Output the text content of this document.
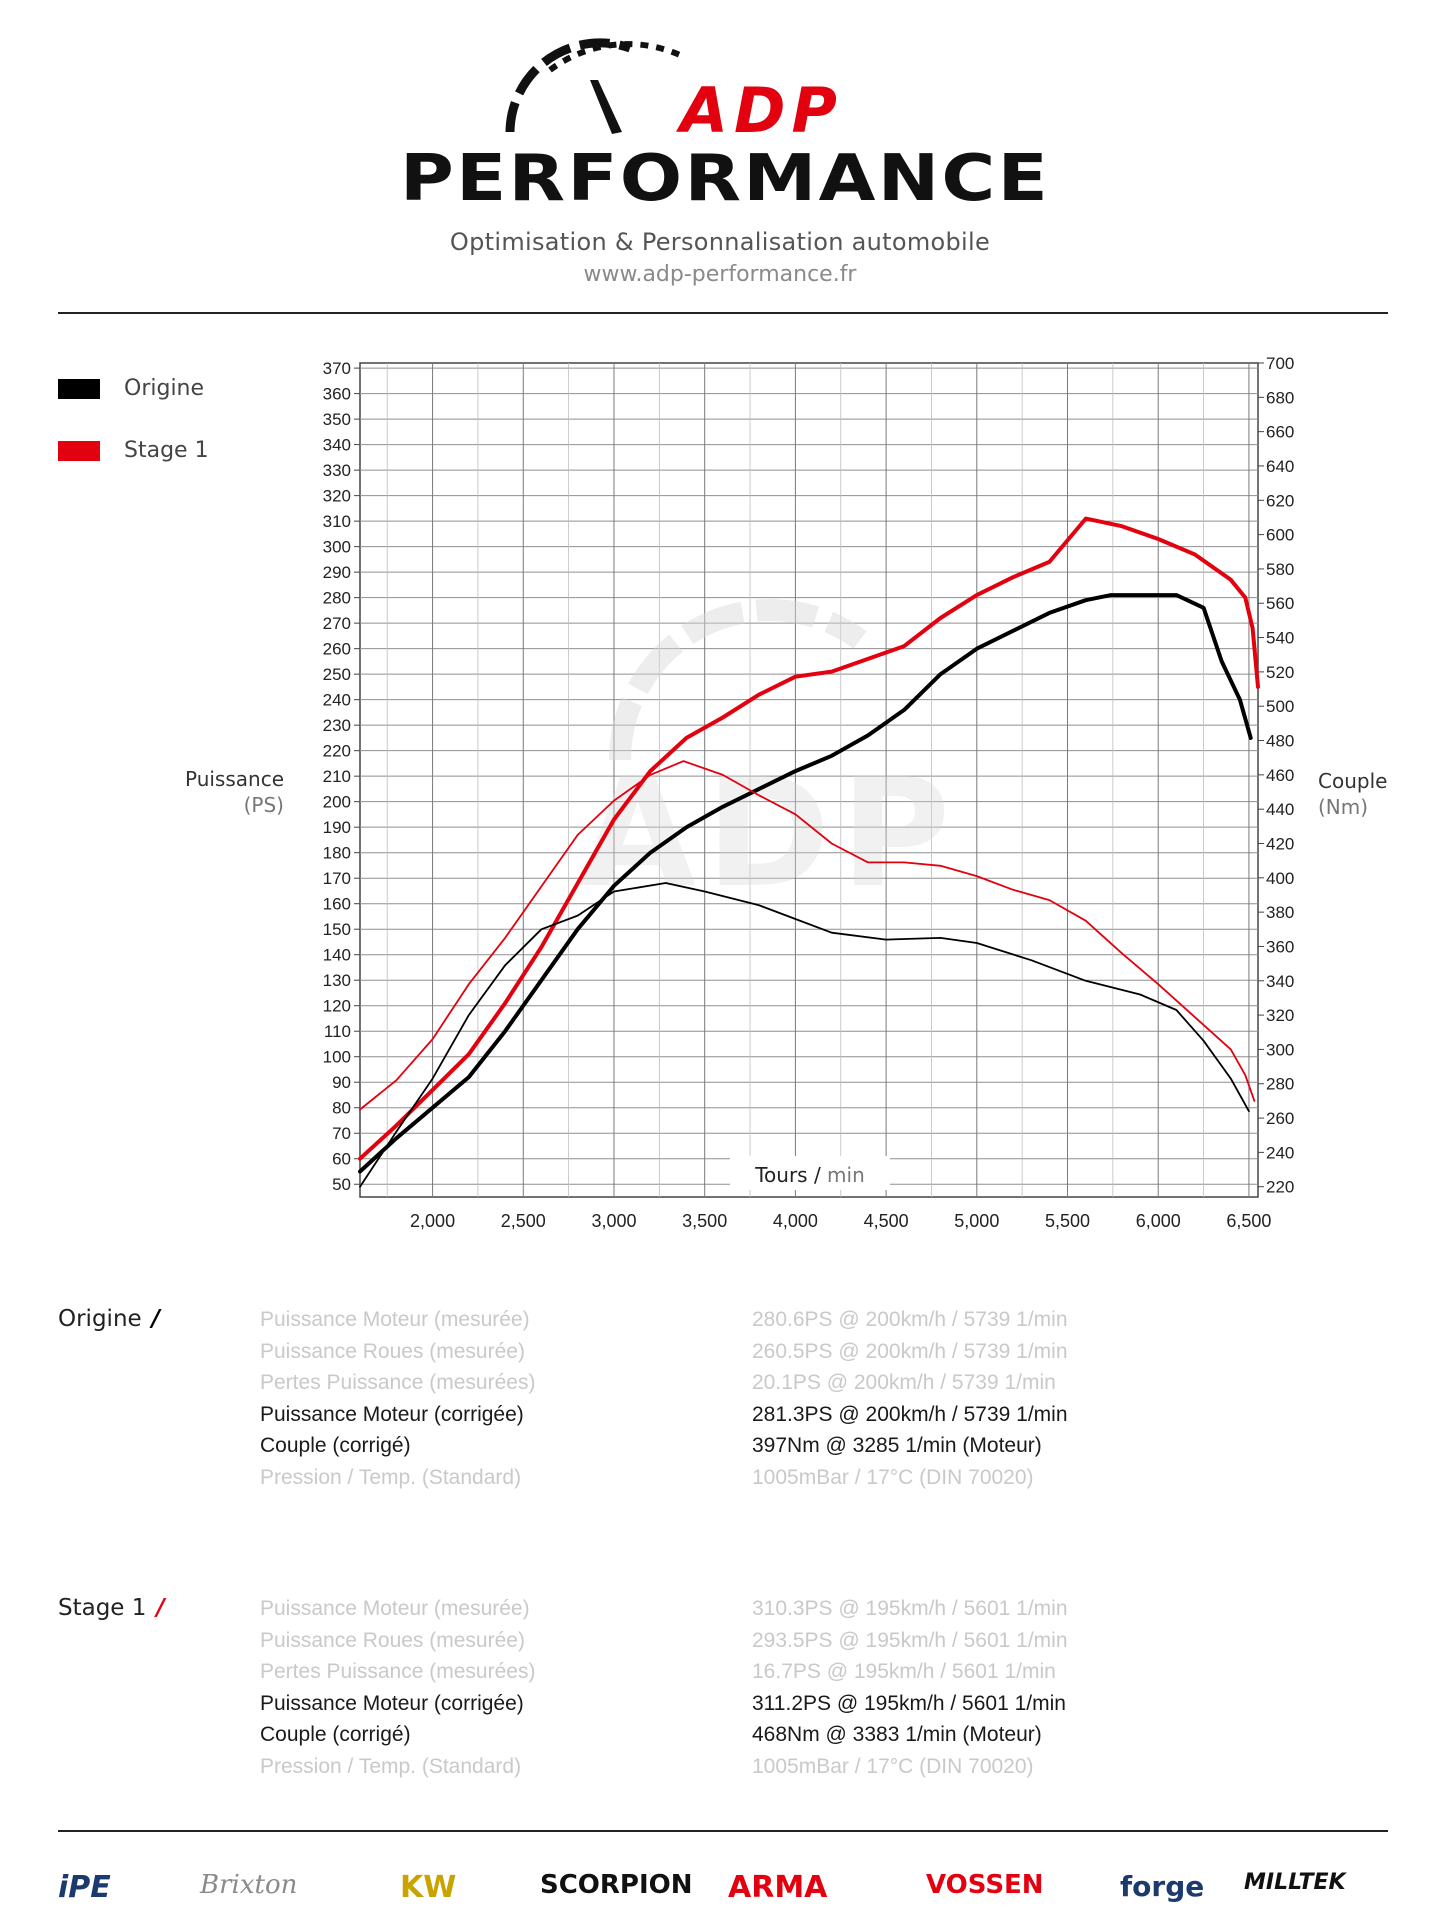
ADP
PERFORMANCE
Optimisation & Personnalisation automobile
www.adp-performance.fr
Origine
Stage 1
Puissance
(PS)
Couple
(Nm)
50
60
70
80
90
100
110
120
130
140
150
160
170
180
190
200
210
220
230
240
250
260
270
280
290
300
310
320
330
340
350
360
370
220
240
260
280
300
320
340
360
380
400
420
440
460
480
500
520
540
560
580
600
620
640
660
680
700
2,000	2,500	3,000	3,500	4,000	4,500	5,000	5,500	6,000	6,500
ADP
Tours / min
Origine /
Stage 1 /
Puissance Moteur (mesurée)	280.6PS @ 200km/h / 5739 1/min
Puissance Roues (mesurée)	260.5PS @ 200km/h / 5739 1/min
Pertes Puissance (mesurées)	20.1PS @ 200km/h / 5739 1/min
Puissance Moteur (corrigée)	281.3PS @ 200km/h / 5739 1/min
Couple (corrigé)	397Nm @ 3285 1/min (Moteur)
Pression / Temp. (Standard)	1005mBar / 17°C (DIN 70020)
Puissance Moteur (mesurée)	310.3PS @ 195km/h / 5601 1/min
Puissance Roues (mesurée)	293.5PS @ 195km/h / 5601 1/min
Pertes Puissance (mesurées)	16.7PS @ 195km/h / 5601 1/min
Puissance Moteur (corrigée)	311.2PS @ 195km/h / 5601 1/min
Couple (corrigé)	468Nm @ 3383 1/min (Moteur)
Pression / Temp. (Standard)	1005mBar / 17°C (DIN 70020)
iPE	Brixton	KW	SCORPION ARMA	VOSSEN	forge MILLTEK
